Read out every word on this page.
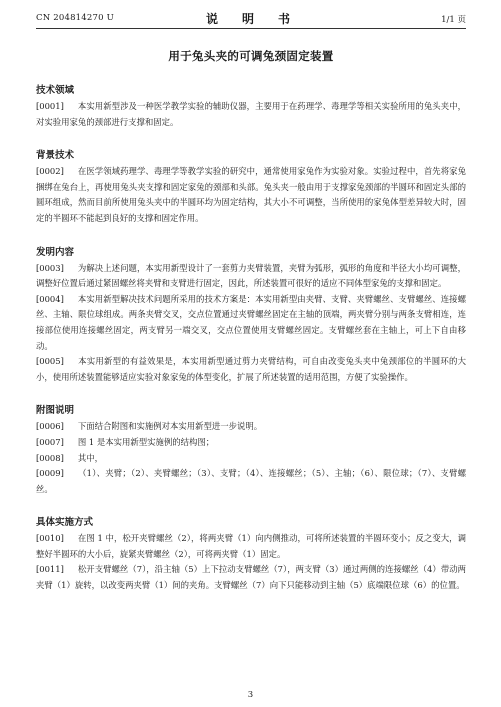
CN 204814270 U	说　明　书	1/1 页
用于兔头夹的可调兔颈固定装置
技术领域
[0001] 本实用新型涉及一种医学教学实验的辅助仪器，主要用于在药理学、毒理学等相关实验所用的兔头夹中，对实验用家兔的颈部进行支撑和固定。
背景技术
[0002] 在医学领域药理学、毒理学等教学实验的研究中，通常使用家兔作为实验对象。实验过程中，首先将家兔捆绑在兔台上，再使用兔头夹支撑和固定家兔的颈部和头部。兔头夹一般由用于支撑家兔颈部的半圆环和固定头部的圆环组成，然而目前所使用兔头夹中的半圆环均为固定结构，其大小不可调整，当所使用的家兔体型差异较大时，固定的半圆环不能起到良好的支撑和固定作用。
发明内容
[0003] 为解决上述问题，本实用新型设计了一套剪力夹臂装置，夹臂为弧形，弧形的角度和半径大小均可调整，调整好位置后通过紧固螺丝将夹臂和支臂进行固定，因此，所述装置可很好的适应不同体型家兔的支撑和固定。
[0004] 本实用新型解决技术问题所采用的技术方案是：本实用新型由夹臂、支臂、夹臂螺丝、支臂螺丝、连接螺丝、主轴、限位球组成。两条夹臂交叉，交点位置通过夹臂螺丝固定在主轴的顶端，两夹臂分别与两条支臂相连，连接部位使用连接螺丝固定，两支臂另一端交叉，交点位置使用支臂螺丝固定。支臂螺丝套在主轴上，可上下自由移动。
[0005] 本实用新型的有益效果是，本实用新型通过剪力夹臂结构，可自由改变兔头夹中兔颈部位的半圆环的大小，使用所述装置能够适应实验对象家兔的体型变化，扩展了所述装置的适用范围，方便了实验操作。
附图说明
[0006] 下面结合附图和实施例对本实用新型进一步说明。
[0007] 图 1 是本实用新型实施例的结构图；
[0008] 其中，
[0009] （1）、夹臂；（2）、夹臂螺丝；（3）、支臂；（4）、连接螺丝；（5）、主轴；（6）、限位球；（7）、支臂螺丝。
具体实施方式
[0010] 在图 1 中，松开夹臂螺丝（2），将两夹臂（1）向内侧推动，可将所述装置的半圆环变小；反之变大，调整好半圆环的大小后，旋紧夹臂螺丝（2），可将两夹臂（1）固定。
[0011] 松开支臂螺丝（7），沿主轴（5）上下拉动支臂螺丝（7），两支臂（3）通过两侧的连接螺丝（4）带动两夹臂（1）旋转，以改变两夹臂（1）间的夹角。支臂螺丝（7）向下只能移动到主轴（5）底端限位球（6）的位置。
3
